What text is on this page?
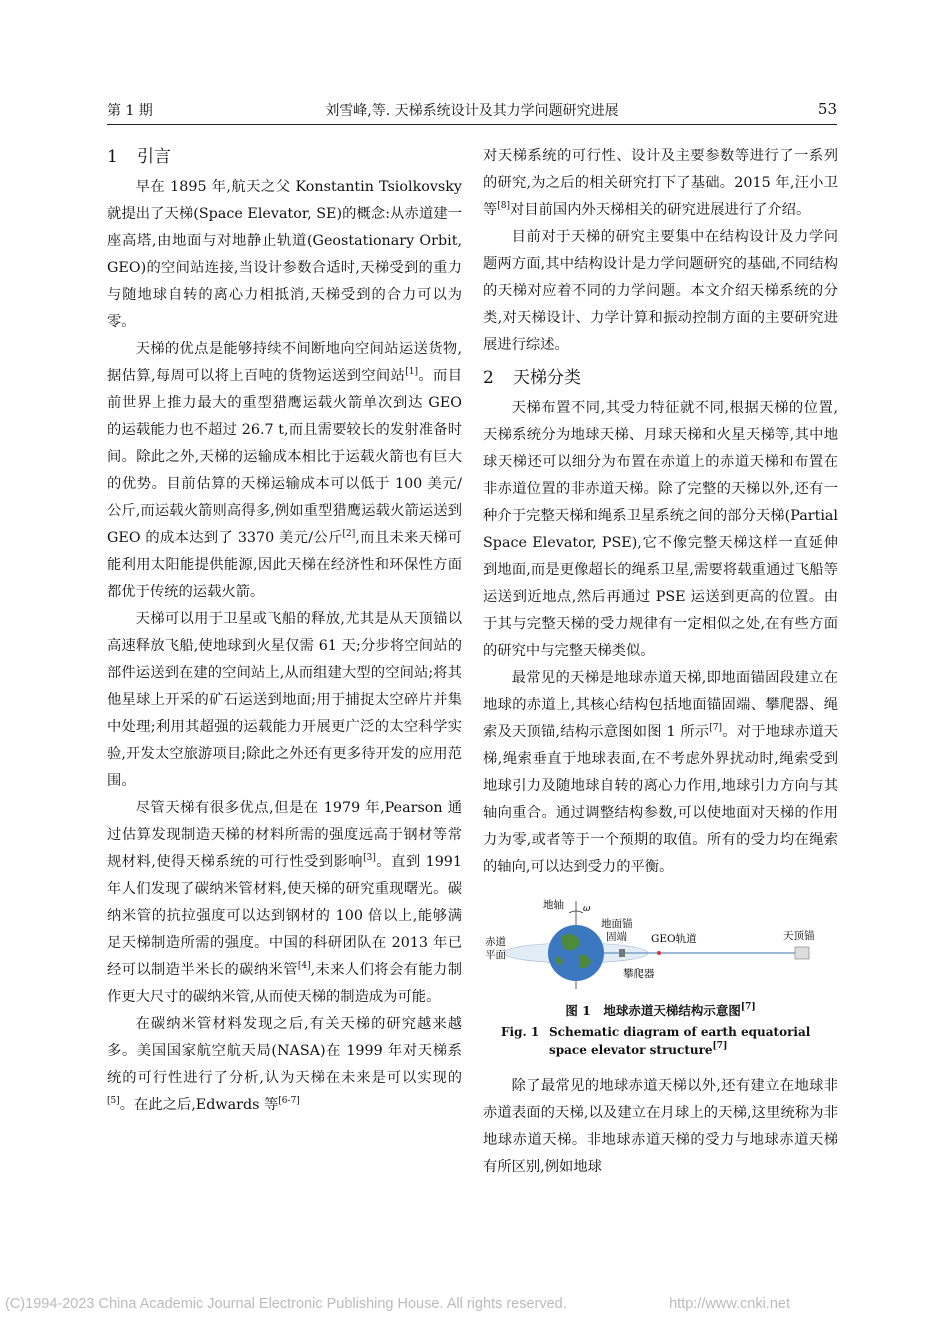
第 1 期	刘雪峰,等. 天梯系统设计及其力学问题研究进展	53
1 引言

早在 1895 年,航天之父 Konstantin Tsiolkovsky 就提出了天梯(Space Elevator, SE)的概念:从赤道建一座高塔,由地面与对地静止轨道(Geostationary Orbit, GEO)的空间站连接,当设计参数合适时,天梯受到的重力与随地球自转的离心力相抵消,天梯受到的合力可以为零。

天梯的优点是能够持续不间断地向空间站运送货物,据估算,每周可以将上百吨的货物运送到空间站[1]。而目前世界上推力最大的重型猎鹰运载火箭单次到达 GEO 的运载能力也不超过 26.7 t,而且需要较长的发射准备时间。除此之外,天梯的运输成本相比于运载火箭也有巨大的优势。目前估算的天梯运输成本可以低于 100 美元/公斤,而运载火箭则高得多,例如重型猎鹰运载火箭运送到 GEO 的成本达到了 3370 美元/公斤[2],而且未来天梯可能利用太阳能提供能源,因此天梯在经济性和环保性方面都优于传统的运载火箭。

天梯可以用于卫星或飞船的释放,尤其是从天顶锚以高速释放飞船,使地球到火星仅需 61 天;分步将空间站的部件运送到在建的空间站上,从而组建大型的空间站;将其他星球上开采的矿石运送到地面;用于捕捉太空碎片并集中处理;利用其超强的运载能力开展更广泛的太空科学实验,开发太空旅游项目;除此之外还有更多待开发的应用范围。

尽管天梯有很多优点,但是在 1979 年,Pearson 通过估算发现制造天梯的材料所需的强度远高于钢材等常规材料,使得天梯系统的可行性受到影响[3]。直到 1991 年人们发现了碳纳米管材料,使天梯的研究重现曙光。碳纳米管的抗拉强度可以达到钢材的 100 倍以上,能够满足天梯制造所需的强度。中国的科研团队在 2013 年已经可以制造半米长的碳纳米管[4],未来人们将会有能力制作更大尺寸的碳纳米管,从而使天梯的制造成为可能。

在碳纳米管材料发现之后,有关天梯的研究越来越多。美国国家航空航天局(NASA)在 1999 年对天梯系统的可行性进行了分析,认为天梯在未来是可以实现的[5]。在此之后,Edwards 等[6-7]

对天梯系统的可行性、设计及主要参数等进行了一系列的研究,为之后的相关研究打下了基础。2015 年,汪小卫等[8]对目前国内外天梯相关的研究进展进行了介绍。

目前对于天梯的研究主要集中在结构设计及力学问题两方面,其中结构设计是力学问题研究的基础,不同结构的天梯对应着不同的力学问题。本文介绍天梯系统的分类,对天梯设计、力学计算和振动控制方面的主要研究进展进行综述。

2 天梯分类

天梯布置不同,其受力特征就不同,根据天梯的位置,天梯系统分为地球天梯、月球天梯和火星天梯等,其中地球天梯还可以细分为布置在赤道上的赤道天梯和布置在非赤道位置的非赤道天梯。除了完整的天梯以外,还有一种介于完整天梯和绳系卫星系统之间的部分天梯(Partial Space Elevator, PSE),它不像完整天梯这样一直延伸到地面,而是更像超长的绳系卫星,需要将载重通过飞船等运送到近地点,然后再通过 PSE 运送到更高的位置。由于其与完整天梯的受力规律有一定相似之处,在有些方面的研究中与完整天梯类似。

最常见的天梯是地球赤道天梯,即地面锚固段建立在地球的赤道上,其核心结构包括地面锚固端、攀爬器、绳索及天顶锚,结构示意图如图 1 所示[7]。对于地球赤道天梯,绳索垂直于地球表面,在不考虑外界扰动时,绳索受到地球引力及随地球自转的离心力作用,地球引力方向与其轴向重合。通过调整结构参数,可以使地面对天梯的作用力为零,或者等于一个预期的取值。所有的受力均在绳索的轴向,可以达到受力的平衡。

地轴 ω
赤道
平面
地面锚
固端 GEO轨道
攀爬器
天顶锚
图 1　地球赤道天梯结构示意图[7]
Fig. 1 Schematic diagram of earth equatorial space elevator structure[7]

除了最常见的地球赤道天梯以外,还有建立在地球非赤道表面的天梯,以及建立在月球上的天梯,这里统称为非地球赤道天梯。非地球赤道天梯的受力与地球赤道天梯有所区别,例如地球

(C)1994-2023 China Academic Journal Electronic Publishing House. All rights reserved.	http://www.cnki.net
